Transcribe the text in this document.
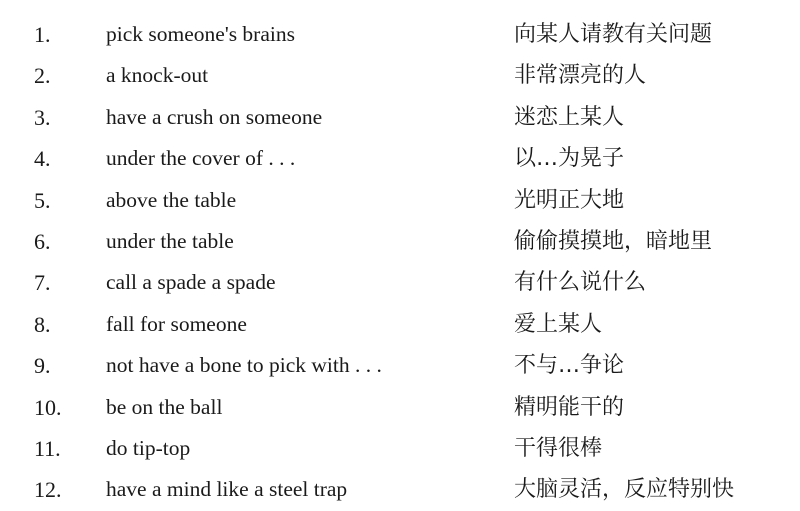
1.	pick someone's brains	向某人请教有关问题
2.	a knock-out	非常漂亮的人
3.	have a crush on someone	迷恋上某人
4.	under the cover of . . .	以…为晃子
5.	above the table	光明正大地
6.	under the table	偷偷摸摸地，暗地里
7.	call a spade a spade	有什么说什么
8.	fall for someone	爱上某人
9.	not have a bone to pick with . . .	不与…争论
10.	be on the ball	精明能干的
11.	do tip-top	干得很棒
12.	have a mind like a steel trap	大脑灵活，反应特别快
